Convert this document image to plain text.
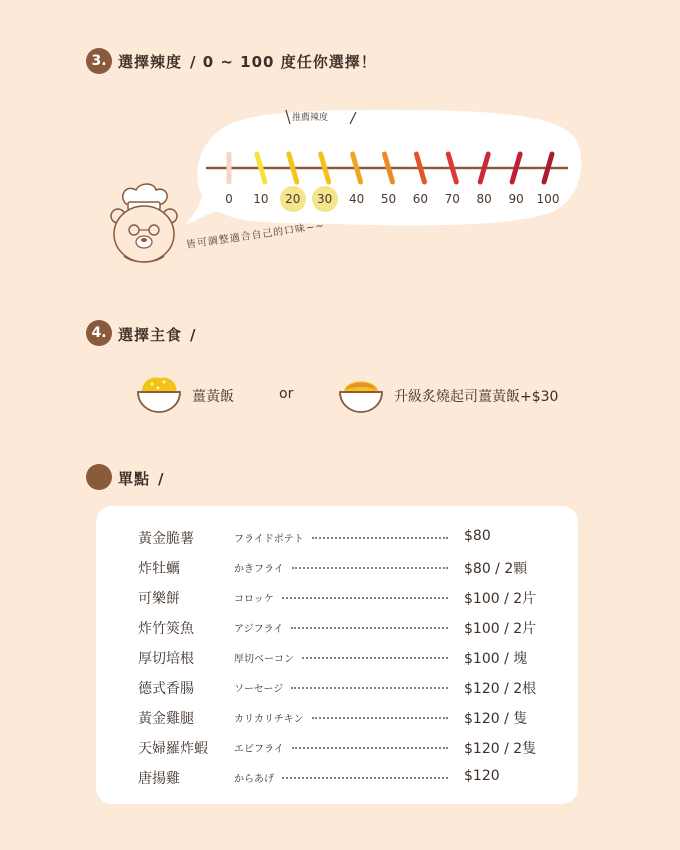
3. 選擇辣度 / 0 ~ 100 度任你選擇！
推薦辣度
0	10	20	30	40	50	60	70	80	90	100
皆可調整適合自己的口味~~
4. 選擇主食 /
薑黃飯	or	升級炙燒起司薑黃飯+$30
單點 /
黃金脆薯	フライドポテト	$80
炸牡蠣	かきフライ	$80 / 2顆
可樂餅	コロッケ	$100 / 2片
炸竹筴魚	アジフライ	$100 / 2片
厚切培根	厚切ベーコン	$100 / 塊
德式香腸	ソーセージ	$120 / 2根
黃金雞腿	カリカリチキン	$120 / 隻
天婦羅炸蝦	エビフライ	$120 / 2隻
唐揚雞	からあげ	$120
